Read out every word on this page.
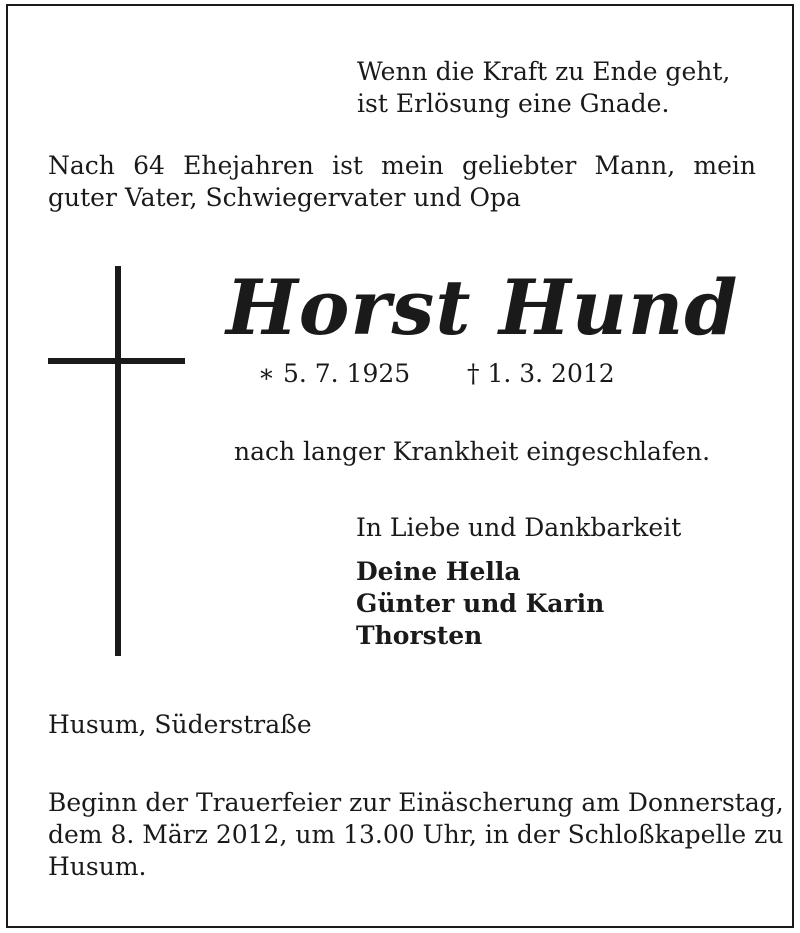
Wenn die Kraft zu Ende geht,
ist Erlösung eine Gnade.

Nach 64 Ehejahren ist mein geliebter Mann, mein guter Vater, Schwiegervater und Opa

Horst Hund

∗ 5. 7. 1925 † 1. 3. 2012

nach langer Krankheit eingeschlafen.

In Liebe und Dankbarkeit

Deine Hella

Günter und Karin

Thorsten

Husum, Süderstraße

Beginn der Trauerfeier zur Einäscherung am Donnerstag,
dem 8. März 2012, um 13.00 Uhr, in der Schloßkapelle zu
Husum.
